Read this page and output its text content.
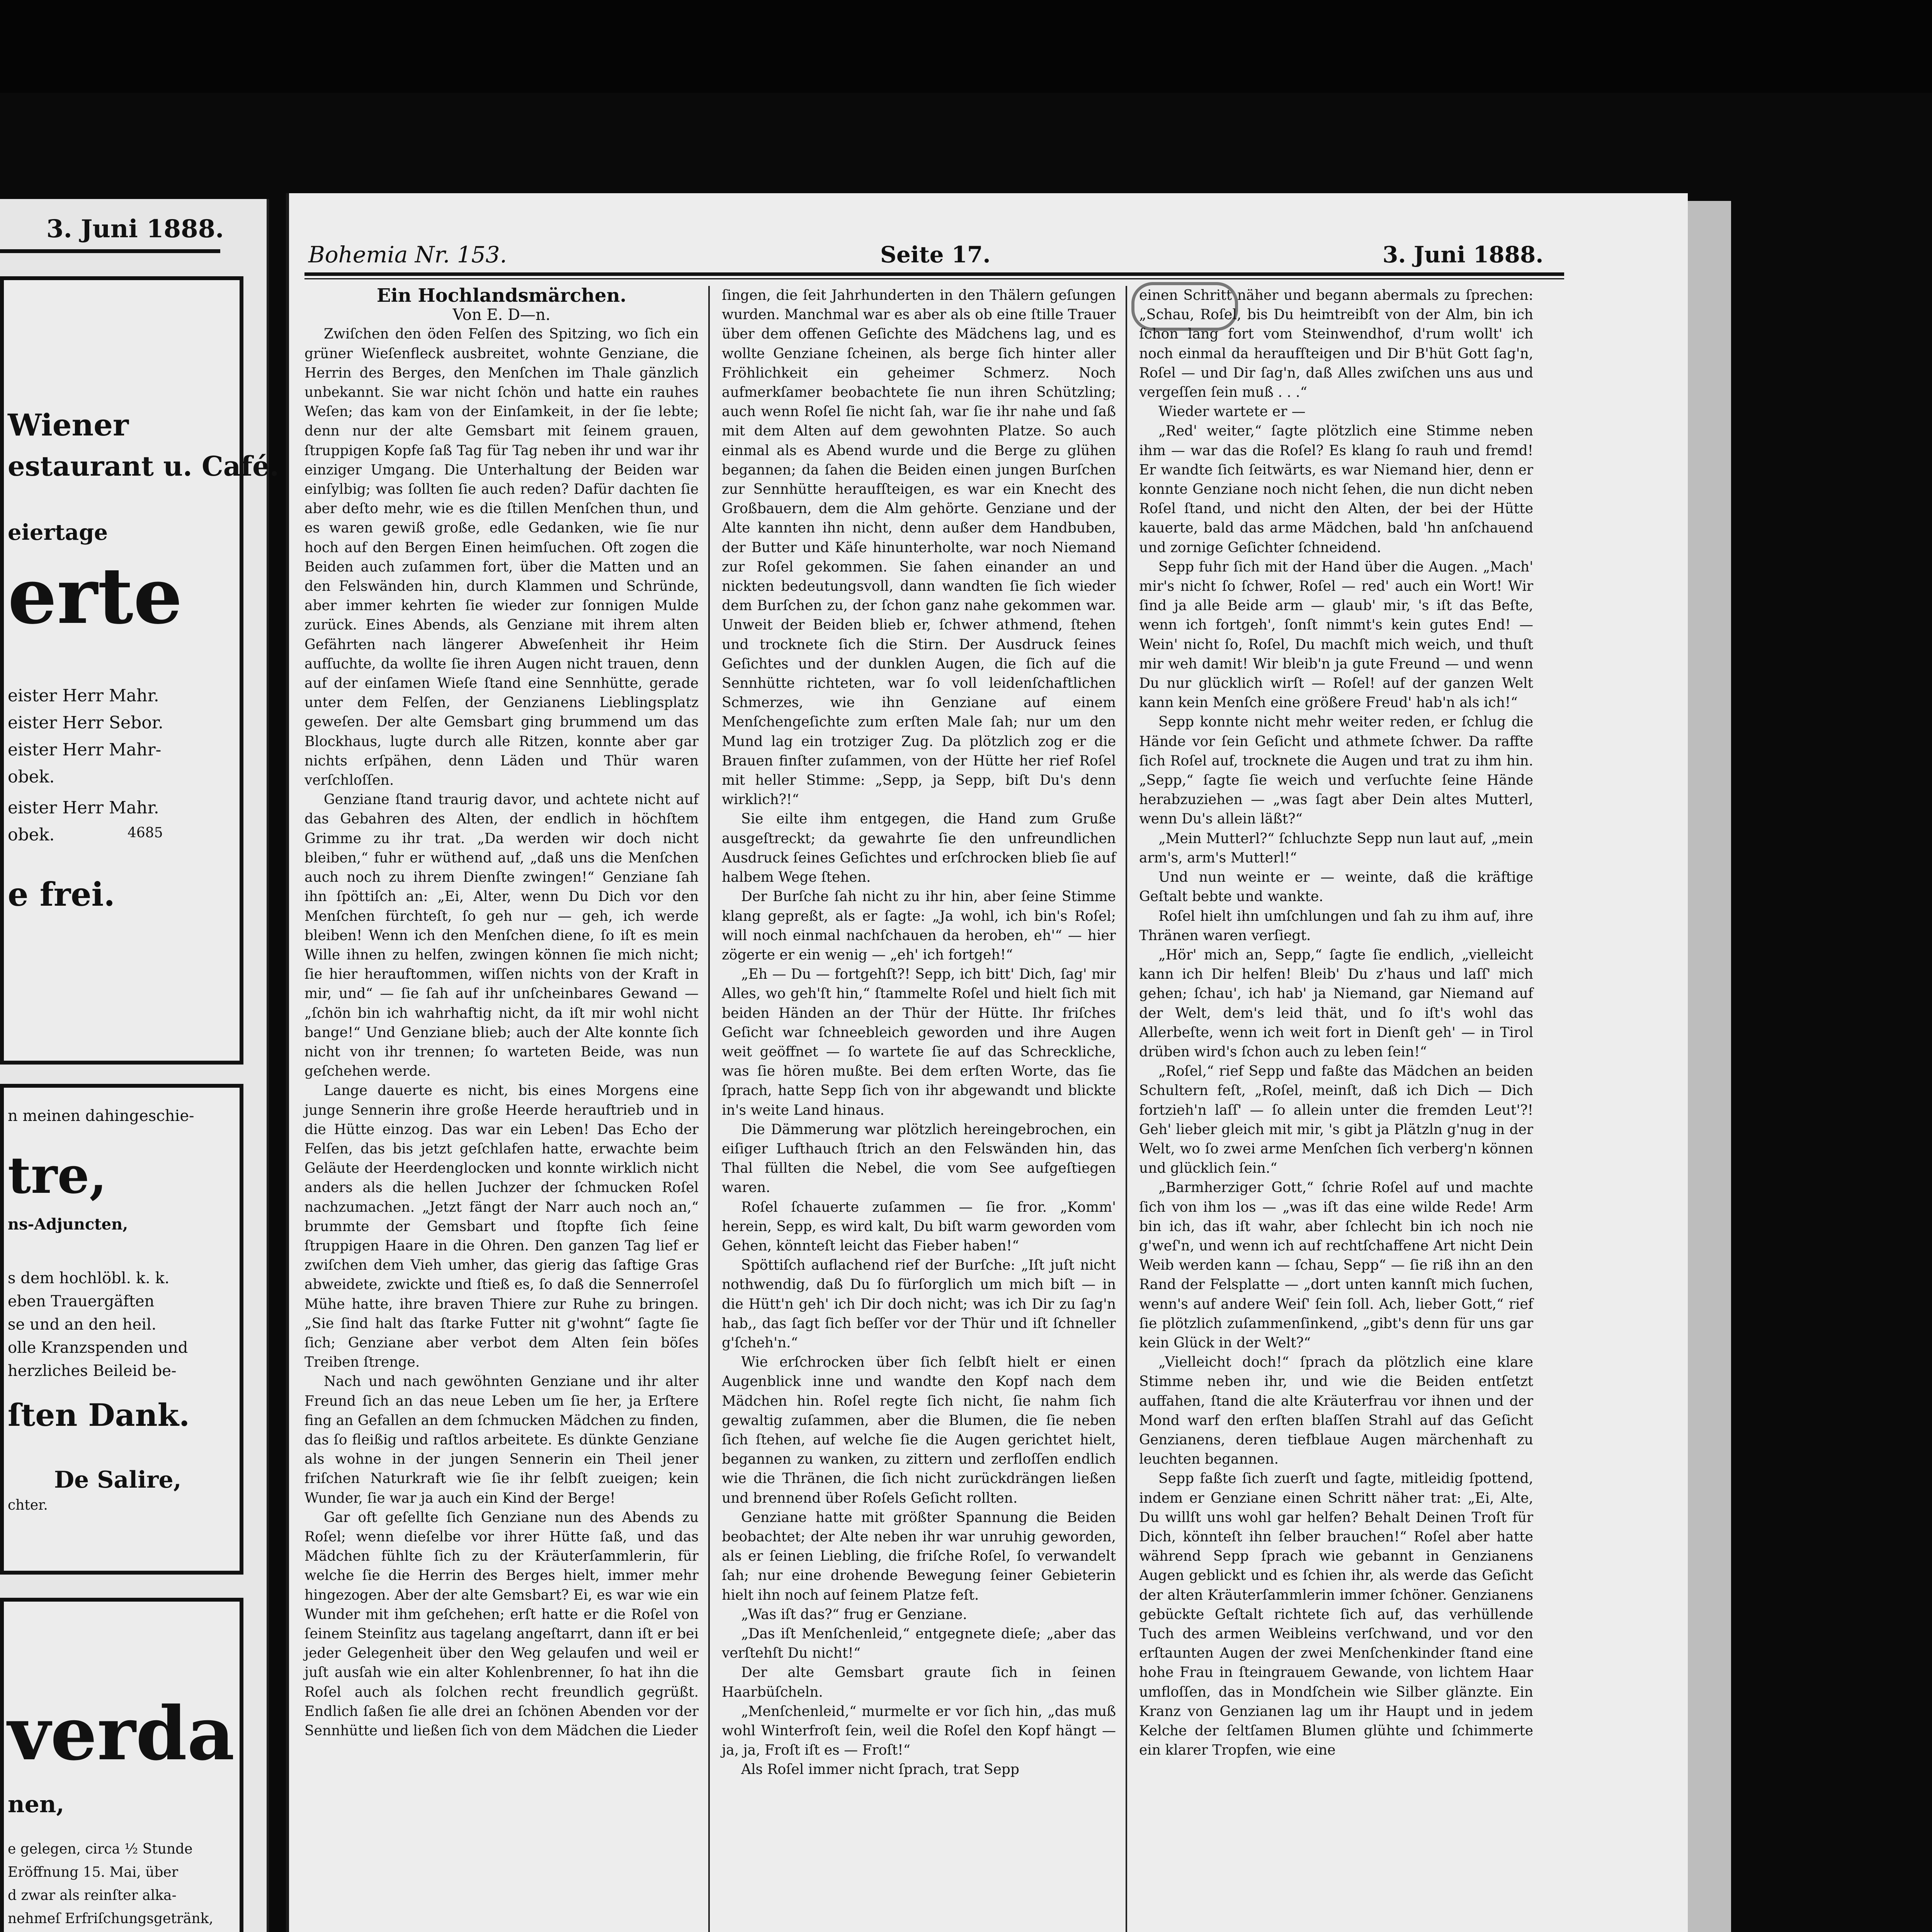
3. Juni 1888.
Wiener
estaurant u. Café.
eiertage
erte
eister Herr Mahr.
eister Herr Sebor.
eister Herr Mahr-
obek.
eister Herr Mahr.
obek.	4685
e frei.
n meinen dahingeschie-
tre,
ns-Adjuncten,
s dem hochlöbl. k. k.
eben Trauergäften
se und an den heil.
olle Kranzspenden und
herzliches Beileid be-
ſten Dank.
De Salire,
chter.
verda
nen,
e gelegen, circa ½ Stunde
Eröffnung 15. Mai, über
d zwar als reinſter alka-
nehmeſ Erfriſchungsgetränk,
Bohemia Nr. 153.	Seite 17.	3. Juni 1888.

Ein Hochlandsmärchen.

Von E. D—n.

Zwiſchen den öden Felſen des Spitzing, wo ſich ein grüner Wieſenfleck ausbreitet, wohnte Genziane, die Herrin des Berges, den Menſchen im Thale gänzlich unbekannt. Sie war nicht ſchön und hatte ein rauhes Weſen; das kam von der Einſamkeit, in der ſie lebte; denn nur der alte Gemsbart mit ſeinem grauen, ſtruppigen Kopfe ſaß Tag für Tag neben ihr und war ihr einziger Umgang. Die Unterhaltung der Beiden war einſylbig; was ſollten ſie auch reden? Dafür dachten ſie aber deſto mehr, wie es die ſtillen Menſchen thun, und es waren gewiß große, edle Gedanken, wie ſie nur hoch auf den Bergen Einen heimſuchen. Oft zogen die Beiden auch zuſammen fort, über die Matten und an den Felswänden hin, durch Klammen und Schründe, aber immer kehrten ſie wieder zur ſonnigen Mulde zurück. Eines Abends, als Genziane mit ihrem alten Gefährten nach längerer Abweſenheit ihr Heim aufſuchte, da wollte ſie ihren Augen nicht trauen, denn auf der einſamen Wieſe ſtand eine Sennhütte, gerade unter dem Felſen, der Genzianens Lieblingsplatz geweſen. Der alte Gemsbart ging brummend um das Blockhaus, lugte durch alle Ritzen, konnte aber gar nichts erſpähen, denn Läden und Thür waren verſchloſſen.

Genziane ſtand traurig davor, und achtete nicht auf das Gebahren des Alten, der endlich in höchſtem Grimme zu ihr trat. „Da werden wir doch nicht bleiben,“ fuhr er wüthend auf, „daß uns die Menſchen auch noch zu ihrem Dienſte zwingen!“ Genziane ſah ihn ſpöttiſch an: „Ei, Alter, wenn Du Dich vor den Menſchen fürchteſt, ſo geh nur — geh, ich werde bleiben! Wenn ich den Menſchen diene, ſo iſt es mein Wille ihnen zu helfen, zwingen können ſie mich nicht; ſie hier herauftommen, wiſſen nichts von der Kraft in mir, und“ — ſie ſah auf ihr unſcheinbares Gewand — „ſchön bin ich wahrhaftig nicht, da iſt mir wohl nicht bange!“ Und Genziane blieb; auch der Alte konnte ſich nicht von ihr trennen; ſo warteten Beide, was nun geſchehen werde.

Lange dauerte es nicht, bis eines Morgens eine junge Sennerin ihre große Heerde herauftrieb und in die Hütte einzog. Das war ein Leben! Das Echo der Felſen, das bis jetzt geſchlafen hatte, erwachte beim Geläute der Heerdenglocken und konnte wirklich nicht anders als die hellen Juchzer der ſchmucken Roſel nachzumachen. „Jetzt fängt der Narr auch noch an,“ brummte der Gemsbart und ſtopfte ſich ſeine ſtruppigen Haare in die Ohren. Den ganzen Tag lief er zwiſchen dem Vieh umher, das gierig das ſaftige Gras abweidete, zwickte und ſtieß es, ſo daß die Sennerroſel Mühe hatte, ihre braven Thiere zur Ruhe zu bringen. „Sie ſind halt das ſtarke Futter nit g'wohnt“ ſagte ſie ſich; Genziane aber verbot dem Alten ſein böſes Treiben ſtrenge.

Nach und nach gewöhnten Genziane und ihr alter Freund ſich an das neue Leben um ſie her, ja Erſtere fing an Gefallen an dem ſchmucken Mädchen zu finden, das ſo fleißig und raſtlos arbeitete. Es dünkte Genziane als wohne in der jungen Sennerin ein Theil jener friſchen Naturkraft wie ſie ihr ſelbſt zueigen; kein Wunder, ſie war ja auch ein Kind der Berge!

Gar oft geſellte ſich Genziane nun des Abends zu Roſel; wenn dieſelbe vor ihrer Hütte ſaß, und das Mädchen fühlte ſich zu der Kräuterſammlerin, für welche ſie die Herrin des Berges hielt, immer mehr hingezogen. Aber der alte Gemsbart? Ei, es war wie ein Wunder mit ihm geſchehen; erſt hatte er die Roſel von ſeinem Steinſitz aus tagelang angeſtarrt, dann iſt er bei jeder Gelegenheit über den Weg gelaufen und weil er juſt ausſah wie ein alter Kohlenbrenner, ſo hat ihn die Roſel auch als ſolchen recht freundlich gegrüßt. Endlich ſaßen ſie alle drei an ſchönen Abenden vor der Sennhütte und ließen ſich von dem Mädchen die Lieder

ſingen, die ſeit Jahrhunderten in den Thälern geſungen wurden. Manchmal war es aber als ob eine ſtille Trauer über dem offenen Geſichte des Mädchens lag, und es wollte Genziane ſcheinen, als berge ſich hinter aller Fröhlichkeit ein geheimer Schmerz. Noch aufmerkſamer beobachtete ſie nun ihren Schützling; auch wenn Roſel ſie nicht ſah, war ſie ihr nahe und ſaß mit dem Alten auf dem gewohnten Platze. So auch einmal als es Abend wurde und die Berge zu glühen begannen; da ſahen die Beiden einen jungen Burſchen zur Sennhütte heraufſteigen, es war ein Knecht des Großbauern, dem die Alm gehörte. Genziane und der Alte kannten ihn nicht, denn außer dem Handbuben, der Butter und Käſe hinunterholte, war noch Niemand zur Roſel gekommen. Sie ſahen einander an und nickten bedeutungsvoll, dann wandten ſie ſich wieder dem Burſchen zu, der ſchon ganz nahe gekommen war. Unweit der Beiden blieb er, ſchwer athmend, ſtehen und trocknete ſich die Stirn. Der Ausdruck ſeines Geſichtes und der dunklen Augen, die ſich auf die Sennhütte richteten, war ſo voll leidenſchaftlichen Schmerzes, wie ihn Genziane auf einem Menſchengeſichte zum erſten Male ſah; nur um den Mund lag ein trotziger Zug. Da plötzlich zog er die Brauen finſter zuſammen, von der Hütte her rief Roſel mit heller Stimme: „Sepp, ja Sepp, biſt Du's denn wirklich?!“

Sie eilte ihm entgegen, die Hand zum Gruße ausgeſtreckt; da gewahrte ſie den unfreundlichen Ausdruck ſeines Geſichtes und erſchrocken blieb ſie auf halbem Wege ſtehen.

Der Burſche ſah nicht zu ihr hin, aber ſeine Stimme klang gepreßt, als er ſagte: „Ja wohl, ich bin's Roſel; will noch einmal nachſchauen da heroben, eh'“ — hier zögerte er ein wenig — „eh' ich fortgeh!“

„Eh — Du — fortgehſt?! Sepp, ich bitt' Dich, ſag' mir Alles, wo geh'ſt hin,“ ſtammelte Roſel und hielt ſich mit beiden Händen an der Thür der Hütte. Ihr friſches Geſicht war ſchneebleich geworden und ihre Augen weit geöffnet — ſo wartete ſie auf das Schreckliche, was ſie hören mußte. Bei dem erſten Worte, das ſie ſprach, hatte Sepp ſich von ihr abgewandt und blickte in's weite Land hinaus.

Die Dämmerung war plötzlich hereingebrochen, ein eiſiger Lufthauch ſtrich an den Felswänden hin, das Thal füllten die Nebel, die vom See aufgeſtiegen waren.

Roſel ſchauerte zuſammen — ſie fror. „Komm' herein, Sepp, es wird kalt, Du biſt warm geworden vom Gehen, könnteſt leicht das Fieber haben!“

Spöttiſch auflachend rief der Burſche: „Iſt juſt nicht nothwendig, daß Du ſo fürſorglich um mich biſt — in die Hütt'n geh' ich Dir doch nicht; was ich Dir zu ſag'n hab,, das ſagt ſich beſſer vor der Thür und iſt ſchneller g'ſcheh'n.“

Wie erſchrocken über ſich ſelbſt hielt er einen Augenblick inne und wandte den Kopf nach dem Mädchen hin. Roſel regte ſich nicht, ſie nahm ſich gewaltig zuſammen, aber die Blumen, die ſie neben ſich ſtehen, auf welche ſie die Augen gerichtet hielt, begannen zu wanken, zu zittern und zerfloſſen endlich wie die Thränen, die ſich nicht zurückdrängen ließen und brennend über Roſels Geſicht rollten.

Genziane hatte mit größter Spannung die Beiden beobachtet; der Alte neben ihr war unruhig geworden, als er ſeinen Liebling, die friſche Roſel, ſo verwandelt ſah; nur eine drohende Bewegung ſeiner Gebieterin hielt ihn noch auf ſeinem Platze feſt.

„Was iſt das?“ frug er Genziane.

„Das iſt Menſchenleid,“ entgegnete dieſe; „aber das verſtehſt Du nicht!“

Der alte Gemsbart graute ſich in ſeinen Haarbüſcheln.

„Menſchenleid,“ murmelte er vor ſich hin, „das muß wohl Winterfroſt ſein, weil die Roſel den Kopf hängt — ja, ja, Froſt iſt es — Froſt!“

Als Roſel immer nicht ſprach, trat Sepp

einen Schritt näher und begann abermals zu ſprechen: „Schau, Roſel, bis Du heimtreibſt von der Alm, bin ich ſchon lang fort vom Steinwendhof, d'rum wollt' ich noch einmal da heraufſteigen und Dir B'hüt Gott ſag'n, Roſel — und Dir ſag'n, daß Alles zwiſchen uns aus und vergeſſen ſein muß . . .“

Wieder wartete er —

„Red' weiter,“ ſagte plötzlich eine Stimme neben ihm — war das die Roſel? Es klang ſo rauh und fremd! Er wandte ſich ſeitwärts, es war Niemand hier, denn er konnte Genziane noch nicht ſehen, die nun dicht neben Roſel ſtand, und nicht den Alten, der bei der Hütte kauerte, bald das arme Mädchen, bald 'hn anſchauend und zornige Geſichter ſchneidend.

Sepp fuhr ſich mit der Hand über die Augen. „Mach' mir's nicht ſo ſchwer, Roſel — red' auch ein Wort! Wir ſind ja alle Beide arm — glaub' mir, 's iſt das Beſte, wenn ich fortgeh', ſonſt nimmt's kein gutes End! — Wein' nicht ſo, Roſel, Du machſt mich weich, und thuſt mir weh damit! Wir bleib'n ja gute Freund — und wenn Du nur glücklich wirſt — Roſel! auf der ganzen Welt kann kein Menſch eine größere Freud' hab'n als ich!“

Sepp konnte nicht mehr weiter reden, er ſchlug die Hände vor ſein Geſicht und athmete ſchwer. Da raffte ſich Roſel auf, trocknete die Augen und trat zu ihm hin. „Sepp,“ ſagte ſie weich und verſuchte ſeine Hände herabzuziehen — „was ſagt aber Dein altes Mutterl, wenn Du's allein läßt?“

„Mein Mutterl?“ ſchluchzte Sepp nun laut auf, „mein arm's, arm's Mutterl!“

Und nun weinte er — weinte, daß die kräftige Geſtalt bebte und wankte.

Roſel hielt ihn umſchlungen und ſah zu ihm auf, ihre Thränen waren verſiegt.

„Hör' mich an, Sepp,“ ſagte ſie endlich, „vielleicht kann ich Dir helfen! Bleib' Du z'haus und laſſ' mich gehen; ſchau', ich hab' ja Niemand, gar Niemand auf der Welt, dem's leid thät, und ſo iſt's wohl das Allerbeſte, wenn ich weit fort in Dienſt geh' — in Tirol drüben wird's ſchon auch zu leben ſein!“

„Roſel,“ rief Sepp und faßte das Mädchen an beiden Schultern feſt, „Roſel, meinſt, daß ich Dich — Dich fortzieh'n laſſ' — ſo allein unter die fremden Leut'?! Geh' lieber gleich mit mir, 's gibt ja Plätzln g'nug in der Welt, wo ſo zwei arme Menſchen ſich verberg'n können und glücklich ſein.“

„Barmherziger Gott,“ ſchrie Roſel auf und machte ſich von ihm los — „was iſt das eine wilde Rede! Arm bin ich, das iſt wahr, aber ſchlecht bin ich noch nie g'weſ'n, und wenn ich auf rechtſchaffene Art nicht Dein Weib werden kann — ſchau, Sepp“ — ſie riß ihn an den Rand der Felsplatte — „dort unten kannſt mich ſuchen, wenn's auf andere Weiſ' ſein ſoll. Ach, lieber Gott,“ rief ſie plötzlich zuſammenſinkend, „gibt's denn für uns gar kein Glück in der Welt?“

„Vielleicht doch!“ ſprach da plötzlich eine klare Stimme neben ihr, und wie die Beiden entſetzt auffahen, ſtand die alte Kräuterfrau vor ihnen und der Mond warf den erſten blaſſen Strahl auf das Geſicht Genzianens, deren tiefblaue Augen märchenhaft zu leuchten begannen.

Sepp faßte ſich zuerſt und ſagte, mitleidig ſpottend, indem er Genziane einen Schritt näher trat: „Ei, Alte, Du willſt uns wohl gar helfen? Behalt Deinen Troſt für Dich, könnteſt ihn ſelber brauchen!“ Roſel aber hatte während Sepp ſprach wie gebannt in Genzianens Augen geblickt und es ſchien ihr, als werde das Geſicht der alten Kräuterſammlerin immer ſchöner. Genzianens gebückte Geſtalt richtete ſich auf, das verhüllende Tuch des armen Weibleins verſchwand, und vor den erſtaunten Augen der zwei Menſchenkinder ſtand eine hohe Frau in ſteingrauem Gewande, von lichtem Haar umfloſſen, das in Mondſchein wie Silber glänzte. Ein Kranz von Genzianen lag um ihr Haupt und in jedem Kelche der ſeltſamen Blumen glühte und ſchimmerte ein klarer Tropfen, wie eine
